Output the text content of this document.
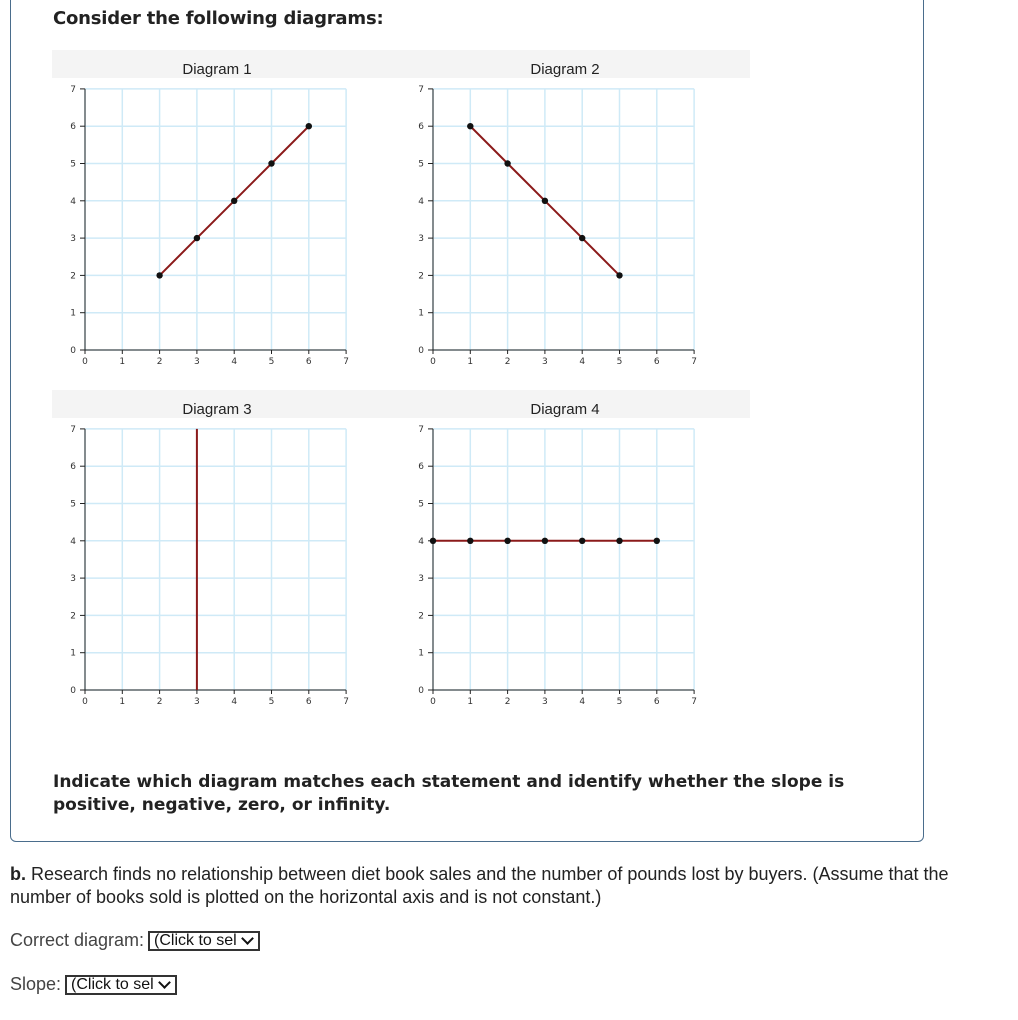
Consider the following diagrams:
Diagram 1
0	1	2	3	4	5	6	7
0
1
2
3
4
5
6
7
Diagram 2
0	1	2	3	4	5	6	7
0
1
2
3
4
5
6
7
Diagram 3
0	1	2	3	4	5	6	7
0
1
2
3
4
5
6
7
Diagram 4
0	1	2	3	4	5	6	7
0
1
2
3
4
5
6
7
Indicate which diagram matches each statement and identify whether the slope is positive, negative, zero, or infinity.
b. Research finds no relationship between diet book sales and the number of pounds lost by buyers. (Assume that the number of books sold is plotted on the horizontal axis and is not constant.)
Correct diagram: (Click to sel
Slope: (Click to sel
